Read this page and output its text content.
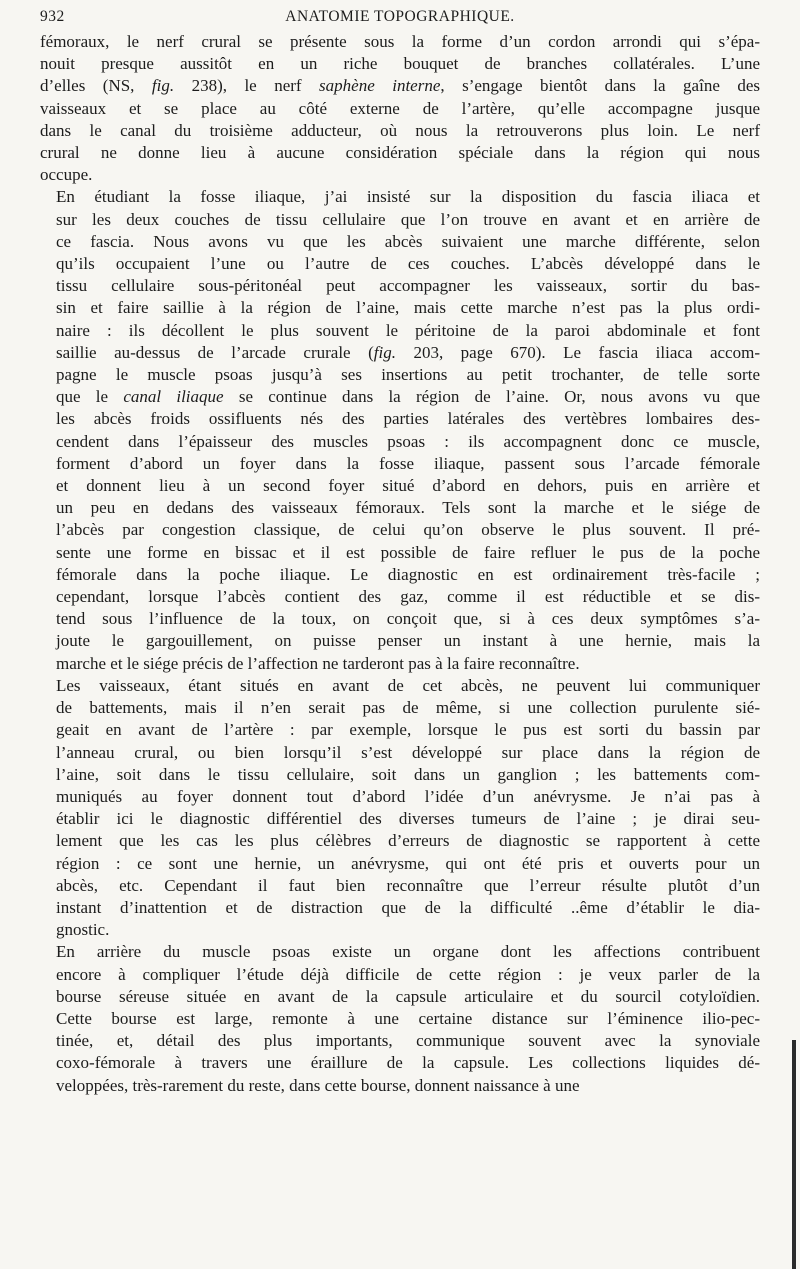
932	ANATOMIE TOPOGRAPHIQUE.

fémoraux, le nerf crural se présente sous la forme d’un cordon arrondi qui s’épa-
nouit presque aussitôt en un riche bouquet de branches collatérales. L’une
d’elles (NS, fig. 238), le nerf saphène interne, s’engage bientôt dans la gaîne des
vaisseaux et se place au côté externe de l’artère, qu’elle accompagne jusque
dans le canal du troisième adducteur, où nous la retrouverons plus loin. Le nerf
crural ne donne lieu à aucune considération spéciale dans la région qui nous
occupe.

En étudiant la fosse iliaque, j’ai insisté sur la disposition du fascia iliaca et
sur les deux couches de tissu cellulaire que l’on trouve en avant et en arrière de
ce fascia. Nous avons vu que les abcès suivaient une marche différente, selon
qu’ils occupaient l’une ou l’autre de ces couches. L’abcès développé dans le
tissu cellulaire sous-péritonéal peut accompagner les vaisseaux, sortir du bas-
sin et faire saillie à la région de l’aine, mais cette marche n’est pas la plus ordi-
naire : ils décollent le plus souvent le péritoine de la paroi abdominale et font
saillie au-dessus de l’arcade crurale (fig. 203, page 670). Le fascia iliaca accom-
pagne le muscle psoas jusqu’à ses insertions au petit trochanter, de telle sorte
que le canal iliaque se continue dans la région de l’aine. Or, nous avons vu que
les abcès froids ossifluents nés des parties latérales des vertèbres lombaires des-
cendent dans l’épaisseur des muscles psoas : ils accompagnent donc ce muscle,
forment d’abord un foyer dans la fosse iliaque, passent sous l’arcade fémorale
et donnent lieu à un second foyer situé d’abord en dehors, puis en arrière et
un peu en dedans des vaisseaux fémoraux. Tels sont la marche et le siége de
l’abcès par congestion classique, de celui qu’on observe le plus souvent. Il pré-
sente une forme en bissac et il est possible de faire refluer le pus de la poche
fémorale dans la poche iliaque. Le diagnostic en est ordinairement très-facile ;
cependant, lorsque l’abcès contient des gaz, comme il est réductible et se dis-
tend sous l’influence de la toux, on conçoit que, si à ces deux symptômes s’a-
joute le gargouillement, on puisse penser un instant à une hernie, mais la
marche et le siége précis de l’affection ne tarderont pas à la faire reconnaître.

Les vaisseaux, étant situés en avant de cet abcès, ne peuvent lui communiquer
de battements, mais il n’en serait pas de même, si une collection purulente sié-
geait en avant de l’artère : par exemple, lorsque le pus est sorti du bassin par
l’anneau crural, ou bien lorsqu’il s’est développé sur place dans la région de
l’aine, soit dans le tissu cellulaire, soit dans un ganglion ; les battements com-
muniqués au foyer donnent tout d’abord l’idée d’un anévrysme. Je n’ai pas à
établir ici le diagnostic différentiel des diverses tumeurs de l’aine ; je dirai seu-
lement que les cas les plus célèbres d’erreurs de diagnostic se rapportent à cette
région : ce sont une hernie, un anévrysme, qui ont été pris et ouverts pour un
abcès, etc. Cependant il faut bien reconnaître que l’erreur résulte plutôt d’un
instant d’inattention et de distraction que de la difficulté ..ême d’établir le dia-
gnostic.

En arrière du muscle psoas existe un organe dont les affections contribuent
encore à compliquer l’étude déjà difficile de cette région : je veux parler de la
bourse séreuse située en avant de la capsule articulaire et du sourcil cotyloïdien.
Cette bourse est large, remonte à une certaine distance sur l’éminence ilio-pec-
tinée, et, détail des plus importants, communique souvent avec la synoviale
coxo-fémorale à travers une éraillure de la capsule. Les collections liquides dé-
veloppées, très-rarement du reste, dans cette bourse, donnent naissance à une
